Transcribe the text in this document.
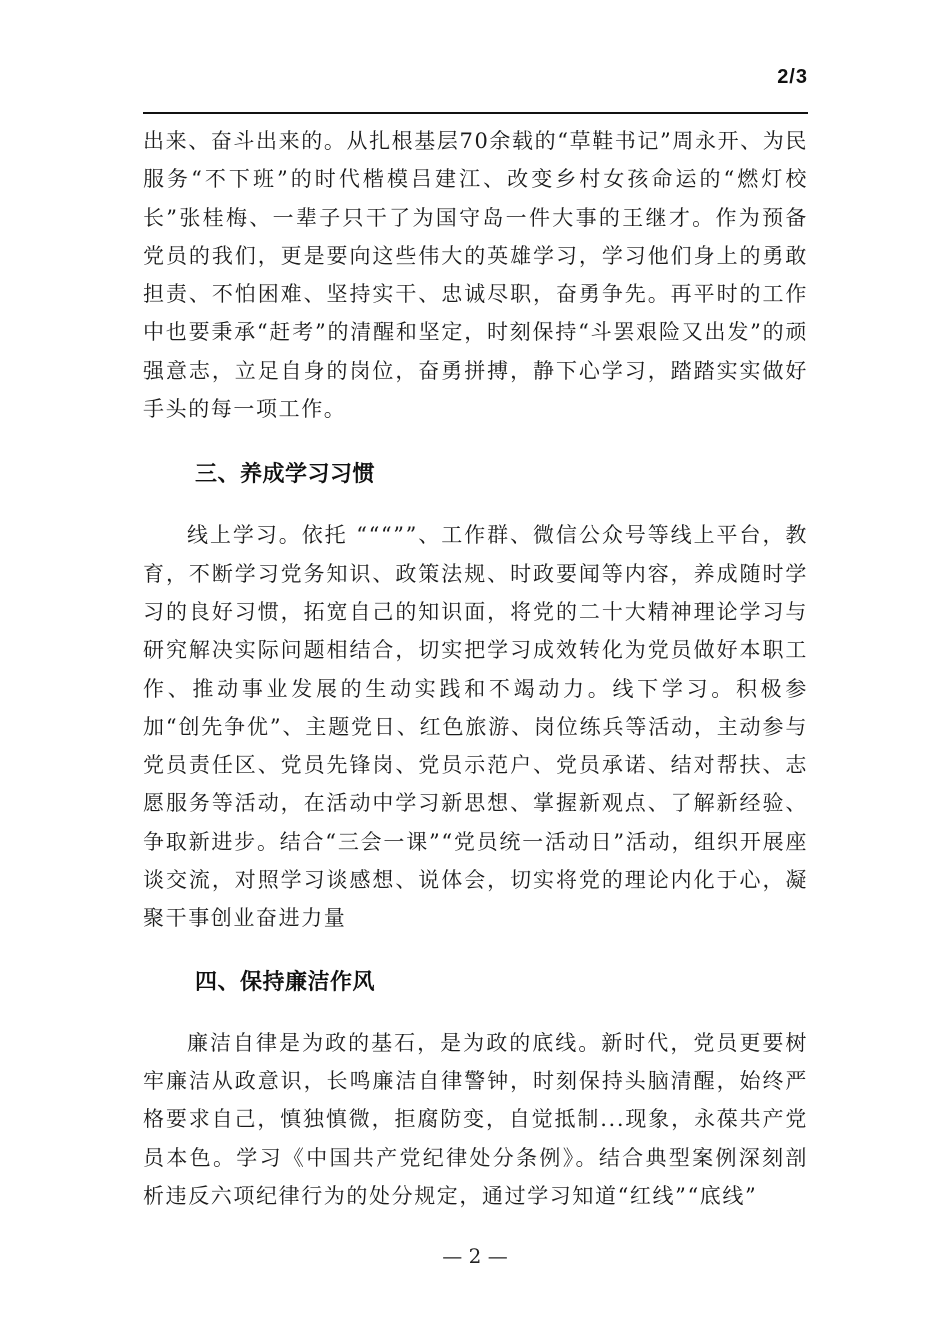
2/3

出来、奋斗出来的。从扎根基层70余载的“草鞋书记”周永开、为民服务“不下班”的时代楷模吕建江、改变乡村女孩命运的“燃灯校长”张桂梅、一辈子只干了为国守岛一件大事的王继才。作为预备党员的我们，更是要向这些伟大的英雄学习，学习他们身上的勇敢担责、不怕困难、坚持实干、忠诚尽职，奋勇争先。再平时的工作中也要秉承“赶考”的清醒和坚定，时刻保持“斗罢艰险又出发”的顽强意志，立足自身的岗位，奋勇拼搏，静下心学习，踏踏实实做好手头的每一项工作。

三、养成学习习惯

线上学习。依托 “““””、工作群、微信公众号等线上平台，教育，不断学习党务知识、政策法规、时政要闻等内容，养成随时学习的良好习惯，拓宽自己的知识面，将党的二十大精神理论学习与研究解决实际问题相结合，切实把学习成效转化为党员做好本职工作、推动事业发展的生动实践和不竭动力。线下学习。积极参加“创先争优”、主题党日、红色旅游、岗位练兵等活动，主动参与党员责任区、党员先锋岗、党员示范户、党员承诺、结对帮扶、志愿服务等活动，在活动中学习新思想、掌握新观点、了解新经验、争取新进步。结合“三会一课”“党员统一活动日”活动，组织开展座谈交流，对照学习谈感想、说体会，切实将党的理论内化于心，凝聚干事创业奋进力量

四、保持廉洁作风

廉洁自律是为政的基石，是为政的底线。新时代，党员更要树牢廉洁从政意识，长鸣廉洁自律警钟，时刻保持头脑清醒，始终严格要求自己，慎独慎微，拒腐防变，自觉抵制...现象，永葆共产党员本色。学习《中国共产党纪律处分条例》。结合典型案例深刻剖析违反六项纪律行为的处分规定，通过学习知道“红线”“底线”

— 2 —
